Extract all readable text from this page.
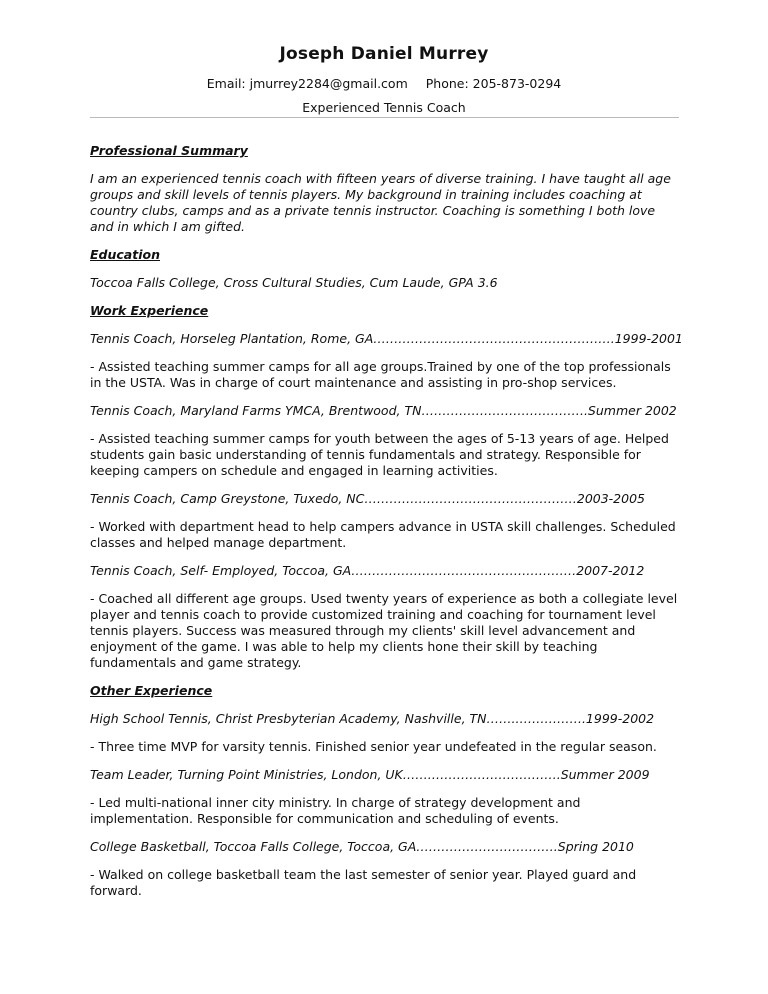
Joseph Daniel Murrey
Email: jmurrey2284@gmail.com Phone: 205-873-0294
Experienced Tennis Coach
Professional Summary
I am an experienced tennis coach with fifteen years of diverse training. I have taught all age groups and skill levels of tennis players. My background in training includes coaching at country clubs, camps and as a private tennis instructor. Coaching is something I both love and in which I am gifted.
Education
Toccoa Falls College, Cross Cultural Studies, Cum Laude, GPA 3.6
Work Experience
Tennis Coach, Horseleg Plantation, Rome, GA………………………………………………….1999-2001
- Assisted teaching summer camps for all age groups.Trained by one of the top professionals in the USTA. Was in charge of court maintenance and assisting in pro-shop services.
Tennis Coach, Maryland Farms YMCA, Brentwood, TN………………………………….Summer 2002
- Assisted teaching summer camps for youth between the ages of 5-13 years of age. Helped students gain basic understanding of tennis fundamentals and strategy. Responsible for keeping campers on schedule and engaged in learning activities.
Tennis Coach, Camp Greystone, Tuxedo, NC……………………………………………2003-2005
- Worked with department head to help campers advance in USTA skill challenges. Scheduled classes and helped manage department.
Tennis Coach, Self- Employed, Toccoa, GA………………………………………………2007-2012
- Coached all different age groups. Used twenty years of experience as both a collegiate level player and tennis coach to provide customized training and coaching for tournament level tennis players. Success was measured through my clients' skill level advancement and enjoyment of the game. I was able to help my clients hone their skill by teaching fundamentals and game strategy.
Other Experience
High School Tennis, Christ Presbyterian Academy, Nashville, TN……..…………….1999-2002
- Three time MVP for varsity tennis. Finished senior year undefeated in the regular season.
Team Leader, Turning Point Ministries, London, UK…….………………………….Summer 2009
- Led multi-national inner city ministry. In charge of strategy development and implementation. Responsible for communication and scheduling of events.
College Basketball, Toccoa Falls College, Toccoa, GA…………………………….Spring 2010
- Walked on college basketball team the last semester of senior year. Played guard and forward.
